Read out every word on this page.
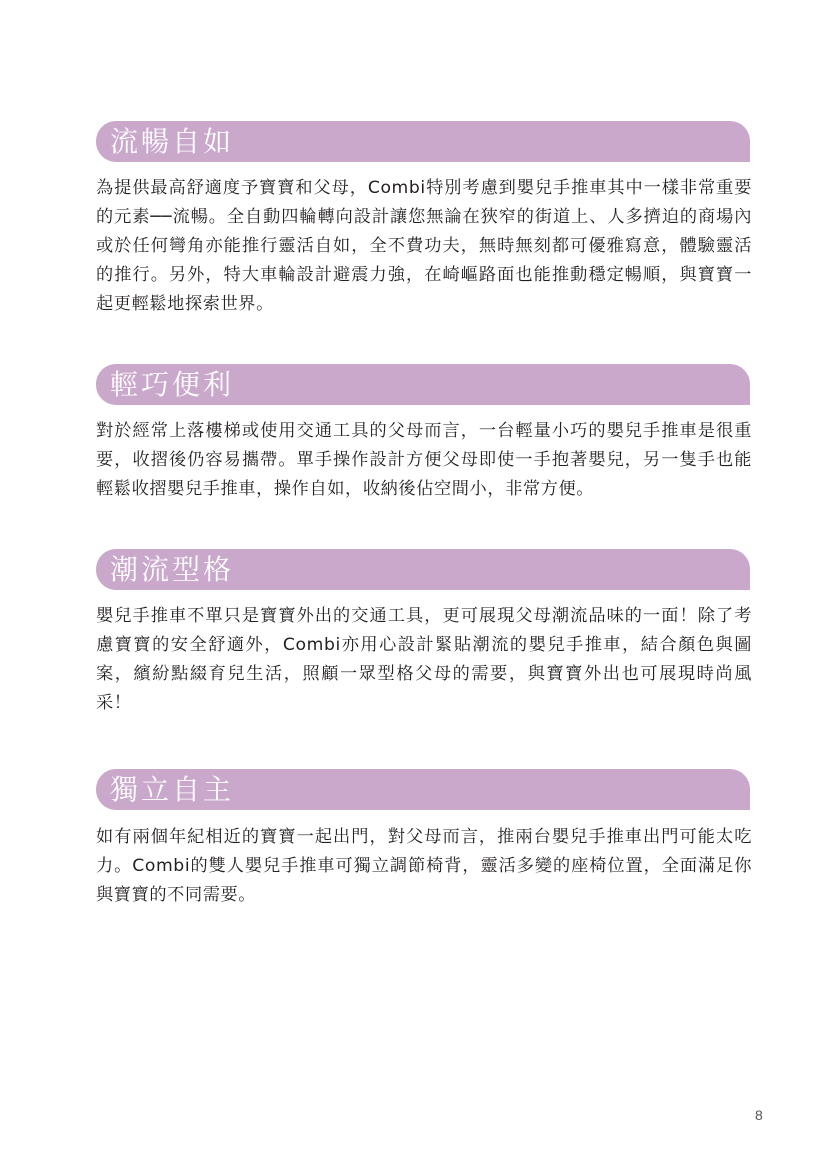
流暢自如

為提供最高舒適度予寶寶和父母，Combi特別考慮到嬰兒手推車其中一樣非常重要的元素──流暢。全自動四輪轉向設計讓您無論在狹窄的街道上、人多擠迫的商場內或於任何彎角亦能推行靈活自如，全不費功夫，無時無刻都可優雅寫意，體驗靈活的推行。另外，特大車輪設計避震力強，在崎嶇路面也能推動穩定暢順，與寶寶一起更輕鬆地探索世界。

輕巧便利

對於經常上落樓梯或使用交通工具的父母而言，一台輕量小巧的嬰兒手推車是很重要，收摺後仍容易攜帶。單手操作設計方便父母即使一手抱著嬰兒，另一隻手也能輕鬆收摺嬰兒手推車，操作自如，收納後佔空間小，非常方便。

潮流型格

嬰兒手推車不單只是寶寶外出的交通工具，更可展現父母潮流品味的一面！除了考慮寶寶的安全舒適外，Combi亦用心設計緊貼潮流的嬰兒手推車，結合顏色與圖案，繽紛點綴育兒生活，照顧一眾型格父母的需要，與寶寶外出也可展現時尚風采！

獨立自主

如有兩個年紀相近的寶寶一起出門，對父母而言，推兩台嬰兒手推車出門可能太吃力。Combi的雙人嬰兒手推車可獨立調節椅背，靈活多變的座椅位置，全面滿足你與寶寶的不同需要。

8
